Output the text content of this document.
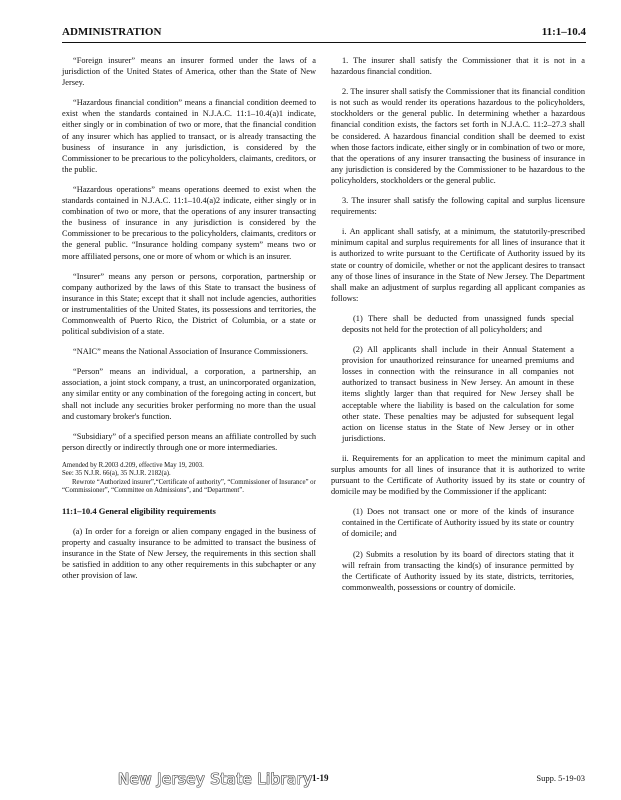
ADMINISTRATION	11:1–10.4

“Foreign insurer” means an insurer formed under the laws of a jurisdiction of the United States of America, other than the State of New Jersey.

“Hazardous financial condition” means a financial condition deemed to exist when the standards contained in N.J.A.C. 11:1–10.4(a)1 indicate, either singly or in combination of two or more, that the financial condition of any insurer which has applied to transact, or is already transacting the business of insurance in any jurisdiction, is considered by the Commissioner to be precarious to the policyholders, claimants, creditors, or the public.

“Hazardous operations” means operations deemed to exist when the standards contained in N.J.A.C. 11:1–10.4(a)2 indicate, either singly or in combination of two or more, that the operations of any insurer transacting the business of insurance in any jurisdiction is considered by the Commissioner to be precarious to the policyholders, claimants, creditors or the general public. “Insurance holding company system” means two or more affiliated persons, one or more of whom or which is an insurer.

“Insurer” means any person or persons, corporation, partnership or company authorized by the laws of this State to transact the business of insurance in this State; except that it shall not include agencies, authorities or instrumentalities of the United States, its possessions and territories, the Commonwealth of Puerto Rico, the District of Columbia, or a state or political subdivision of a state.

“NAIC” means the National Association of Insurance Commissioners.

“Person” means an individual, a corporation, a partnership, an association, a joint stock company, a trust, an unincorporated organization, any similar entity or any combination of the foregoing acting in concert, but shall not include any securities broker performing no more than the usual and customary broker's function.

“Subsidiary” of a specified person means an affiliate controlled by such person directly or indirectly through one or more intermediaries.

Amended by R.2003 d.209, effective May 19, 2003.
See: 35 N.J.R. 66(a), 35 N.J.R. 2182(a).
Rewrote “Authorized insurer”,“Certificate of authority”, “Commissioner of Insurance” or “Commissioner”, “Committee on Admissions”, and “Department”.

11:1–10.4 General eligibility requirements

(a) In order for a foreign or alien company engaged in the business of property and casualty insurance to be admitted to transact the business of insurance in the State of New Jersey, the requirements in this section shall be satisfied in addition to any other requirements in this subchapter or any other provision of law.

1. The insurer shall satisfy the Commissioner that it is not in a hazardous financial condition.

2. The insurer shall satisfy the Commissioner that its financial condition is not such as would render its operations hazardous to the policyholders, stockholders or the general public. In determining whether a hazardous financial condition exists, the factors set forth in N.J.A.C. 11:2–27.3 shall be considered. A hazardous financial condition shall be deemed to exist when those factors indicate, either singly or in combination of two or more, that the operations of any insurer transacting the business of insurance in any jurisdiction is considered by the Commissioner to be hazardous to the policyholders, stockholders or the general public.

3. The insurer shall satisfy the following capital and surplus licensure requirements:

i. An applicant shall satisfy, at a minimum, the statutorily-prescribed minimum capital and surplus requirements for all lines of insurance that it is authorized to write pursuant to the Certificate of Authority issued by its state or country of domicile, whether or not the applicant desires to transact any of those lines of insurance in the State of New Jersey. The Department shall make an adjustment of surplus regarding all applicant companies as follows:

(1) There shall be deducted from unassigned funds special deposits not held for the protection of all policyholders; and

(2) All applicants shall include in their Annual Statement a provision for unauthorized reinsurance for unearned premiums and losses in connection with the reinsurance in all companies not authorized to transact business in New Jersey. An amount in these items slightly larger than that required for New Jersey shall be acceptable where the liability is based on the calculation for some other state. These penalties may be adjusted for subsequent legal action on license status in the State of New Jersey or in other jurisdictions.

ii. Requirements for an application to meet the minimum capital and surplus amounts for all lines of insurance that it is authorized to write pursuant to the Certificate of Authority issued by its state or country of domicile may be modified by the Commissioner if the applicant:

(1) Does not transact one or more of the kinds of insurance contained in the Certificate of Authority issued by its state or country of domicile; and

(2) Submits a resolution by its board of directors stating that it will refrain from transacting the kind(s) of insurance permitted by the Certificate of Authority issued by its state, districts, territories, commonwealth, possessions or country of domicile.

New Jersey State Library 1-19	Supp. 5-19-03
